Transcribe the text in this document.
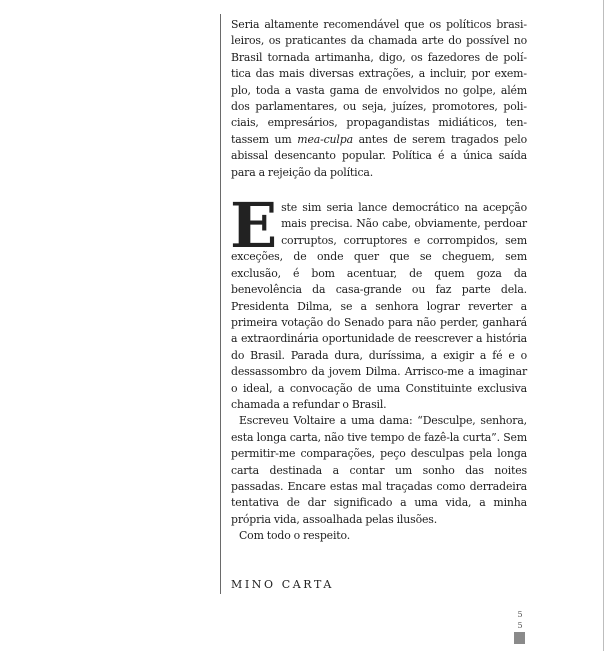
Seria altamente recomendável que os políticos brasileiros, os praticantes da chamada arte do possível no Brasil tornada artimanha, digo, os fazedores de política das mais diversas extrações, a incluir, por exemplo, toda a vasta gama de envolvidos no golpe, além dos parlamentares, ou seja, juízes, promotores, policiais, empresários, propagandistas midiáticos, tentassem um mea-culpa antes de serem tragados pelo abissal desencanto popular. Política é a única saída para a rejeição da política.

Este sim seria lance democrático na acepção mais precisa. Não cabe, obviamente, perdoar corruptos, corruptores e corrompidos, sem exceções, de onde quer que se cheguem, sem exclusão, é bom acentuar, de quem goza da benevolência da casa-grande ou faz parte dela. Presidenta Dilma, se a senhora lograr reverter a primeira votação do Senado para não perder, ganhará a extraordinária oportunidade de reescrever a história do Brasil. Parada dura, duríssima, a exigir a fé e o dessassombro da jovem Dilma. Arrisco-me a imaginar o ideal, a convocação de uma Constituinte exclusiva chamada a refundar o Brasil.

Escreveu Voltaire a uma dama: “Desculpe, senhora, esta longa carta, não tive tempo de fazê-la curta”. Sem permitir-me comparações, peço desculpas pela longa carta destinada a contar um sonho das noites passadas. Encare estas mal traçadas como derradeira tentativa de dar significado a uma vida, a minha própria vida, assoalhada pelas ilusões.

Com todo o respeito.

MINO CARTA
5
5
